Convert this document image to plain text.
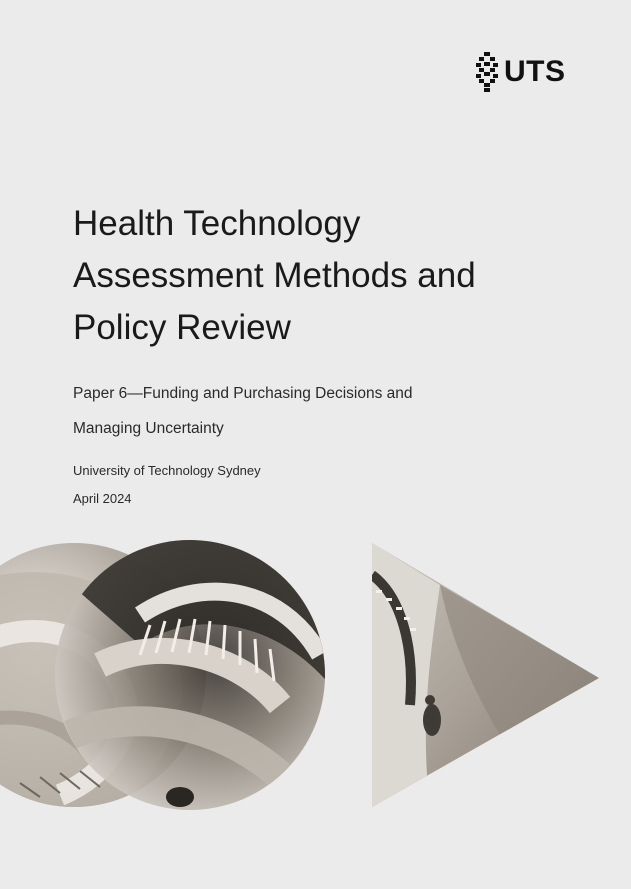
UTS
Health Technology
Assessment Methods and
Policy Review

Paper 6—Funding and Purchasing Decisions and
Managing Uncertainty

University of Technology Sydney
April 2024
